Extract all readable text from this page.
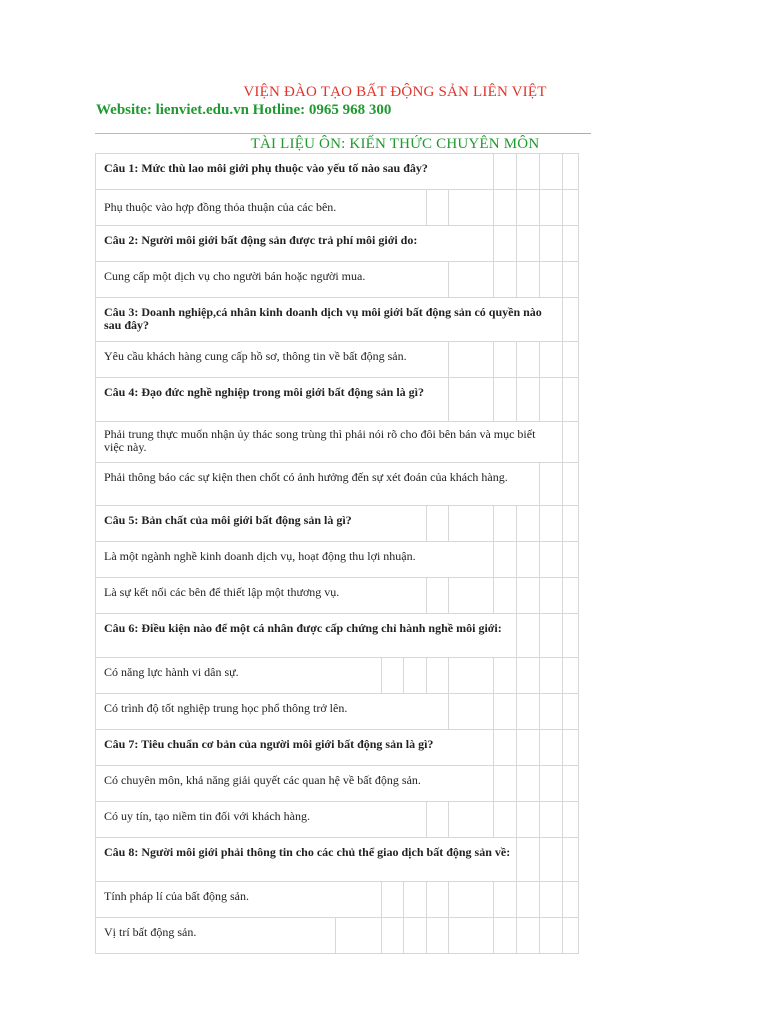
VIỆN ĐÀO TẠO BẤT ĐỘNG SẢN LIÊN VIỆT
Website: lienviet.edu.vn Hotline: 0965 968 300
TÀI LIỆU ÔN: KIẾN THỨC CHUYÊN MÔN
Câu 1: Mức thù lao môi giới phụ thuộc vào yếu tố nào sau đây?
Phụ thuộc vào hợp đồng thỏa thuận của các bên.
Câu 2: Người môi giới bất động sản được trả phí môi giới do:
Cung cấp một dịch vụ cho người bán hoặc người mua.
Câu 3: Doanh nghiệp,cá nhân kinh doanh dịch vụ môi giới bất động sản có quyền nào sau đây?
Yêu cầu khách hàng cung cấp hồ sơ, thông tin về bất động sản.
Câu 4: Đạo đức nghề nghiệp trong môi giới bất động sản là gì?
Phải trung thực muốn nhận ủy thác song trùng thì phải nói rõ cho đôi bên bán và mục biết việc này.
Phải thông báo các sự kiện then chốt có ảnh hưởng đến sự xét đoán của khách hàng.
Câu 5: Bản chất của môi giới bất động sản là gì?
Là một ngành nghề kinh doanh dịch vụ, hoạt động thu lợi nhuận.
Là sự kết nối các bên để thiết lập một thương vụ.
Câu 6: Điều kiện nào để một cá nhân được cấp chứng chỉ hành nghề môi giới:
Có năng lực hành vi dân sự.
Có trình độ tốt nghiệp trung học phổ thông trở lên.
Câu 7: Tiêu chuẩn cơ bản của người môi giới bất động sản là gì?
Có chuyên môn, khả năng giải quyết các quan hệ về bất động sản.
Có uy tín, tạo niềm tin đối với khách hàng.
Câu 8: Người môi giới phải thông tin cho các chủ thể giao dịch bất động sản về:
Tính pháp lí của bất động sản.
Vị trí bất động sản.
